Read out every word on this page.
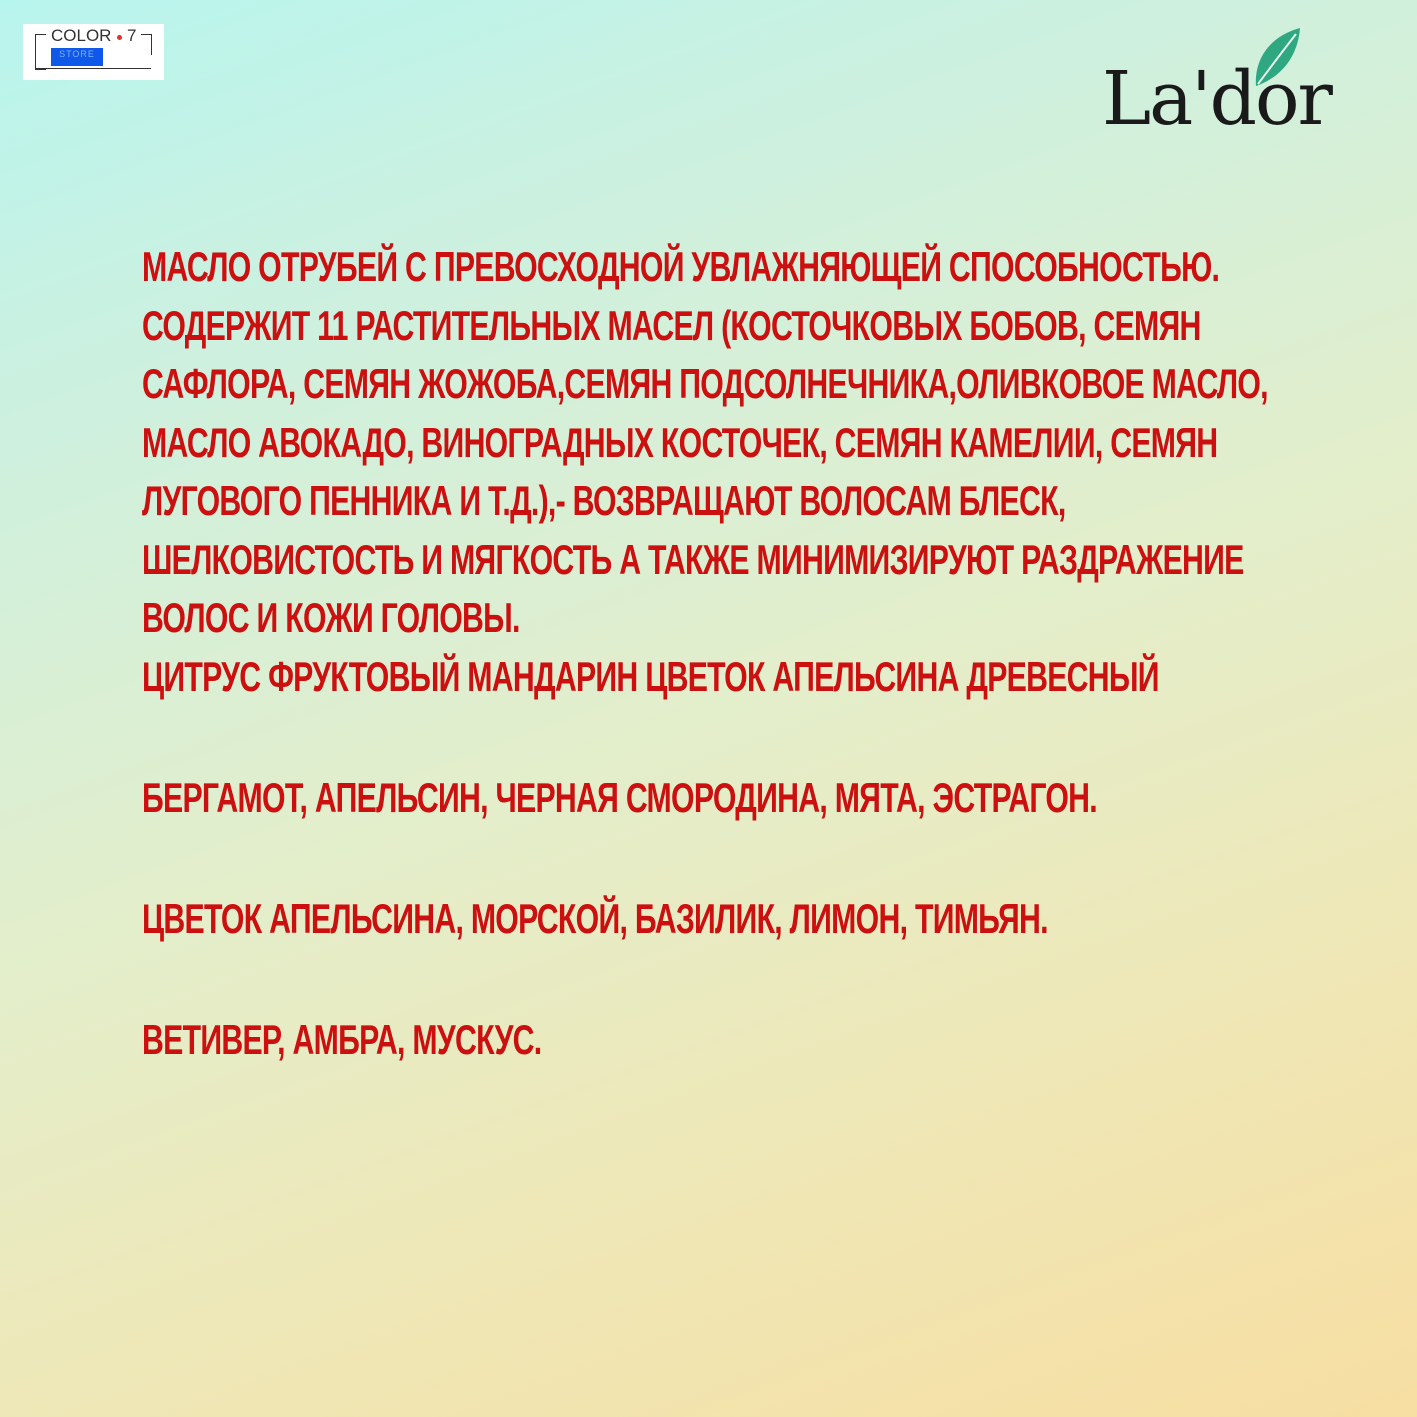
COLOR 7
STORE
La'dor

МАСЛО ОТРУБЕЙ С ПРЕВОСХОДНОЙ УВЛАЖНЯЮЩЕЙ СПОСОБНОСТЬЮ. СОДЕРЖИТ 11 РАСТИТЕЛЬНЫХ МАСЕЛ (КОСТОЧКОВЫХ БОБОВ, СЕМЯН САФЛОРА, СЕМЯН ЖОЖОБА,СЕМЯН ПОДСОЛНЕЧНИКА,ОЛИВКОВОЕ МАСЛО, МАСЛО АВОКАДО, ВИНОГРАДНЫХ КОСТОЧЕК, СЕМЯН КАМЕЛИИ, СЕМЯН ЛУГОВОГО ПЕННИКА И Т.Д.),- ВОЗВРАЩАЮТ ВОЛОСАМ БЛЕСК, ШЕЛКОВИСТОСТЬ И МЯГКОСТЬ А ТАКЖЕ МИНИМИЗИРУЮТ РАЗДРАЖЕНИЕ ВОЛОС И КОЖИ ГОЛОВЫ.

ЦИТРУС ФРУКТОВЫЙ МАНДАРИН ЦВЕТОК АПЕЛЬСИНА ДРЕВЕСНЫЙ

БЕРГАМОТ, АПЕЛЬСИН, ЧЕРНАЯ СМОРОДИНА, МЯТА, ЭСТРАГОН.

ЦВЕТОК АПЕЛЬСИНА, МОРСКОЙ, БАЗИЛИК, ЛИМОН, ТИМЬЯН.

ВЕТИВЕР, АМБРА, МУСКУС.
